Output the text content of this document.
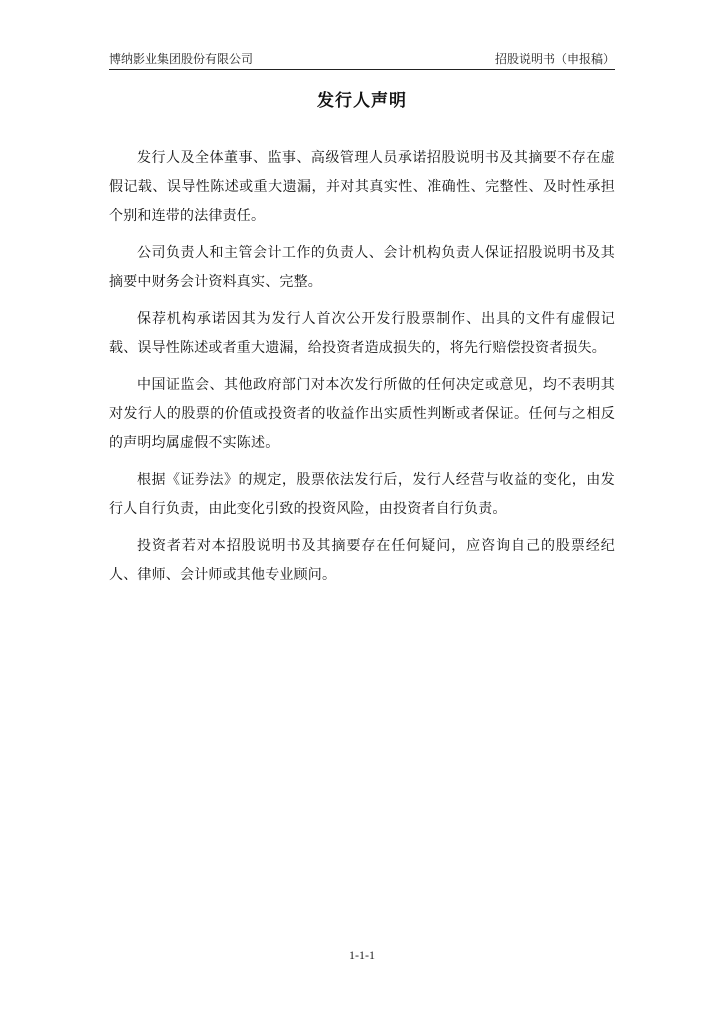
博纳影业集团股份有限公司	招股说明书（申报稿）
发行人声明

发行人及全体董事、监事、高级管理人员承诺招股说明书及其摘要不存在虚假记载、误导性陈述或重大遗漏，并对其真实性、准确性、完整性、及时性承担个别和连带的法律责任。

公司负责人和主管会计工作的负责人、会计机构负责人保证招股说明书及其摘要中财务会计资料真实、完整。

保荐机构承诺因其为发行人首次公开发行股票制作、出具的文件有虚假记载、误导性陈述或者重大遗漏，给投资者造成损失的，将先行赔偿投资者损失。

中国证监会、其他政府部门对本次发行所做的任何决定或意见，均不表明其对发行人的股票的价值或投资者的收益作出实质性判断或者保证。任何与之相反的声明均属虚假不实陈述。

根据《证券法》的规定，股票依法发行后，发行人经营与收益的变化，由发行人自行负责，由此变化引致的投资风险，由投资者自行负责。

投资者若对本招股说明书及其摘要存在任何疑问，应咨询自己的股票经纪人、律师、会计师或其他专业顾问。

1-1-1
